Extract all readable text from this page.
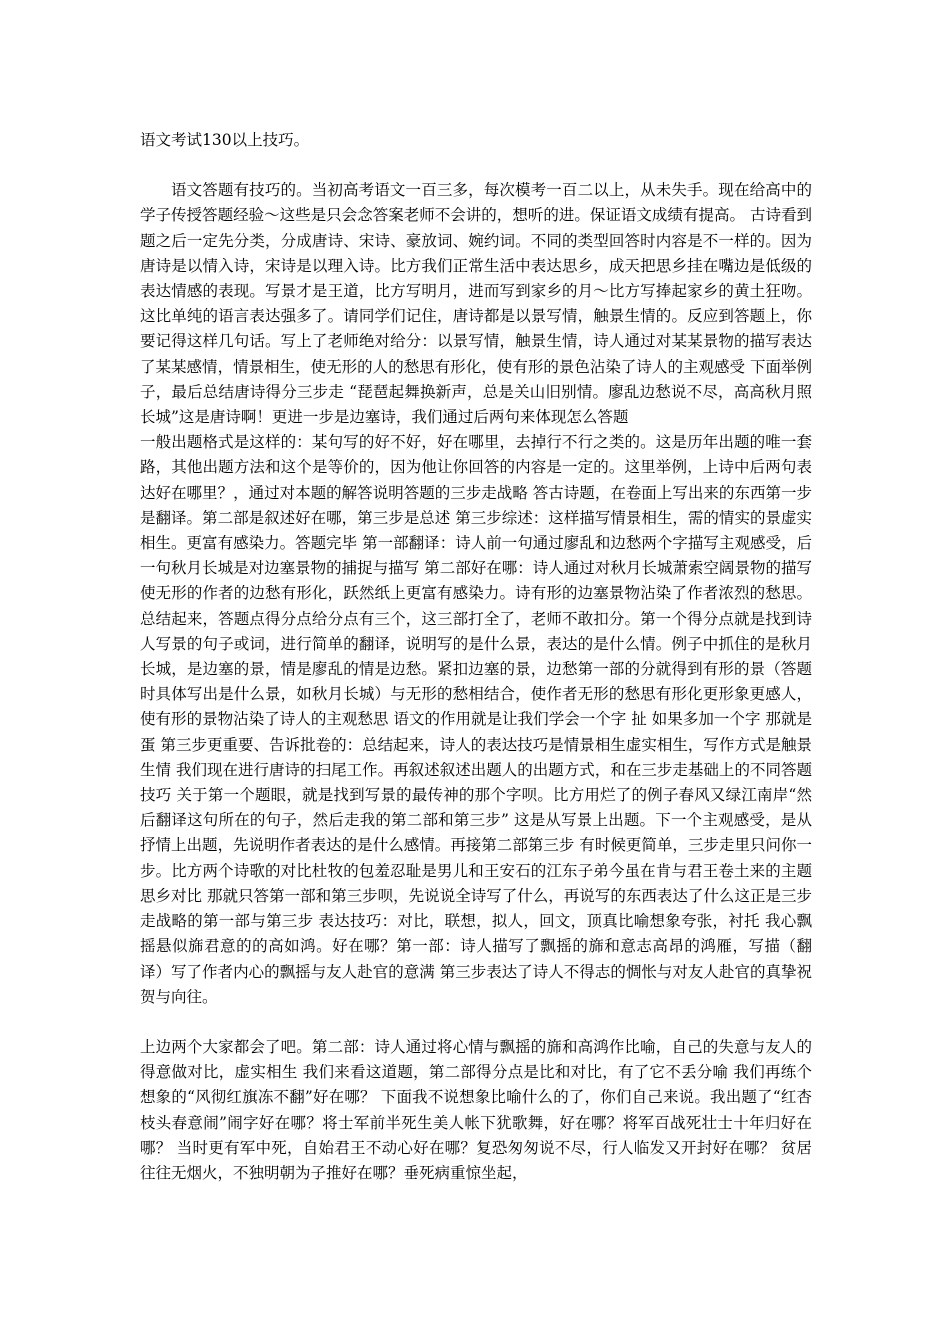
语文考试130以上技巧。

语文答题有技巧的。当初高考语文一百三多，每次模考一百二以上，从未失手。现在给高中的学子传授答题经验～这些是只会念答案老师不会讲的，想听的进。保证语文成绩有提高。 古诗看到题之后一定先分类，分成唐诗、宋诗、豪放词、婉约词。不同的类型回答时内容是不一样的。因为唐诗是以情入诗，宋诗是以理入诗。比方我们正常生活中表达思乡，成天把思乡挂在嘴边是低级的表达情感的表现。写景才是王道，比方写明月，进而写到家乡的月～比方写捧起家乡的黄土狂吻。这比单纯的语言表达强多了。请同学们记住，唐诗都是以景写情，触景生情的。反应到答题上，你要记得这样几句话。写上了老师绝对给分：以景写情，触景生情，诗人通过对某某景物的描写表达了某某感情，情景相生，使无形的人的愁思有形化，使有形的景色沾染了诗人的主观感受 下面举例子，最后总结唐诗得分三步走 “琵琶起舞换新声，总是关山旧别情。廖乱边愁说不尽，高高秋月照长城”这是唐诗啊！更进一步是边塞诗，我们通过后两句来体现怎么答题

一般出题格式是这样的：某句写的好不好，好在哪里，去掉行不行之类的。这是历年出题的唯一套路，其他出题方法和这个是等价的，因为他让你回答的内容是一定的。这里举例，上诗中后两句表达好在哪里？，通过对本题的解答说明答题的三步走战略 答古诗题，在卷面上写出来的东西第一步是翻译。第二部是叙述好在哪，第三步是总述 第三步综述：这样描写情景相生，需的情实的景虚实相生。更富有感染力。答题完毕 第一部翻译：诗人前一句通过廖乱和边愁两个字描写主观感受，后一句秋月长城是对边塞景物的捕捉与描写 第二部好在哪：诗人通过对秋月长城萧索空阔景物的描写使无形的作者的边愁有形化，跃然纸上更富有感染力。诗有形的边塞景物沾染了作者浓烈的愁思。总结起来，答题点得分点给分点有三个，这三部打全了，老师不敢扣分。第一个得分点就是找到诗人写景的句子或词，进行简单的翻译，说明写的是什么景，表达的是什么情。例子中抓住的是秋月长城，是边塞的景，情是廖乱的情是边愁。紧扣边塞的景，边愁第一部的分就得到有形的景（答题时具体写出是什么景，如秋月长城）与无形的愁相结合，使作者无形的愁思有形化更形象更感人，使有形的景物沾染了诗人的主观愁思 语文的作用就是让我们学会一个字 扯 如果多加一个字 那就是 蛋 第三步更重要、告诉批卷的：总结起来，诗人的表达技巧是情景相生虚实相生，写作方式是触景生情 我们现在进行唐诗的扫尾工作。再叙述叙述出题人的出题方式，和在三步走基础上的不同答题技巧 关于第一个题眼，就是找到写景的最传神的那个字呗。比方用烂了的例子春风又绿江南岸“然后翻译这句所在的句子，然后走我的第二部和第三步” 这是从写景上出题。下一个主观感受，是从抒情上出题，先说明作者表达的是什么感情。再接第二部第三步 有时候更简单，三步走里只问你一步。比方两个诗歌的对比杜牧的包羞忍耻是男儿和王安石的江东子弟今虽在肯与君王卷土来的主题思乡对比 那就只答第一部和第三步呗，先说说全诗写了什么，再说写的东西表达了什么这正是三步走战略的第一部与第三步 表达技巧：对比，联想，拟人，回文，顶真比喻想象夸张，衬托 我心飘摇悬似旆君意的的高如鸿。好在哪？第一部：诗人描写了飘摇的旆和意志高昂的鸿雁，写描（翻译）写了作者内心的飘摇与友人赴官的意满 第三步表达了诗人不得志的惆怅与对友人赴官的真挚祝贺与向往。

上边两个大家都会了吧。第二部：诗人通过将心情与飘摇的旆和高鸿作比喻，自己的失意与友人的得意做对比，虚实相生 我们来看这道题，第二部得分点是比和对比，有了它不丢分喻 我们再练个想象的“风彻红旗冻不翻”好在哪？ 下面我不说想象比喻什么的了，你们自己来说。我出题了“红杏枝头春意闹”闹字好在哪？将士军前半死生美人帐下犹歌舞，好在哪？将军百战死壮士十年归好在哪？ 当时更有军中死，自始君王不动心好在哪？复恐匆匆说不尽，行人临发又开封好在哪？ 贫居往往无烟火，不独明朝为子推好在哪？垂死病重惊坐起，
